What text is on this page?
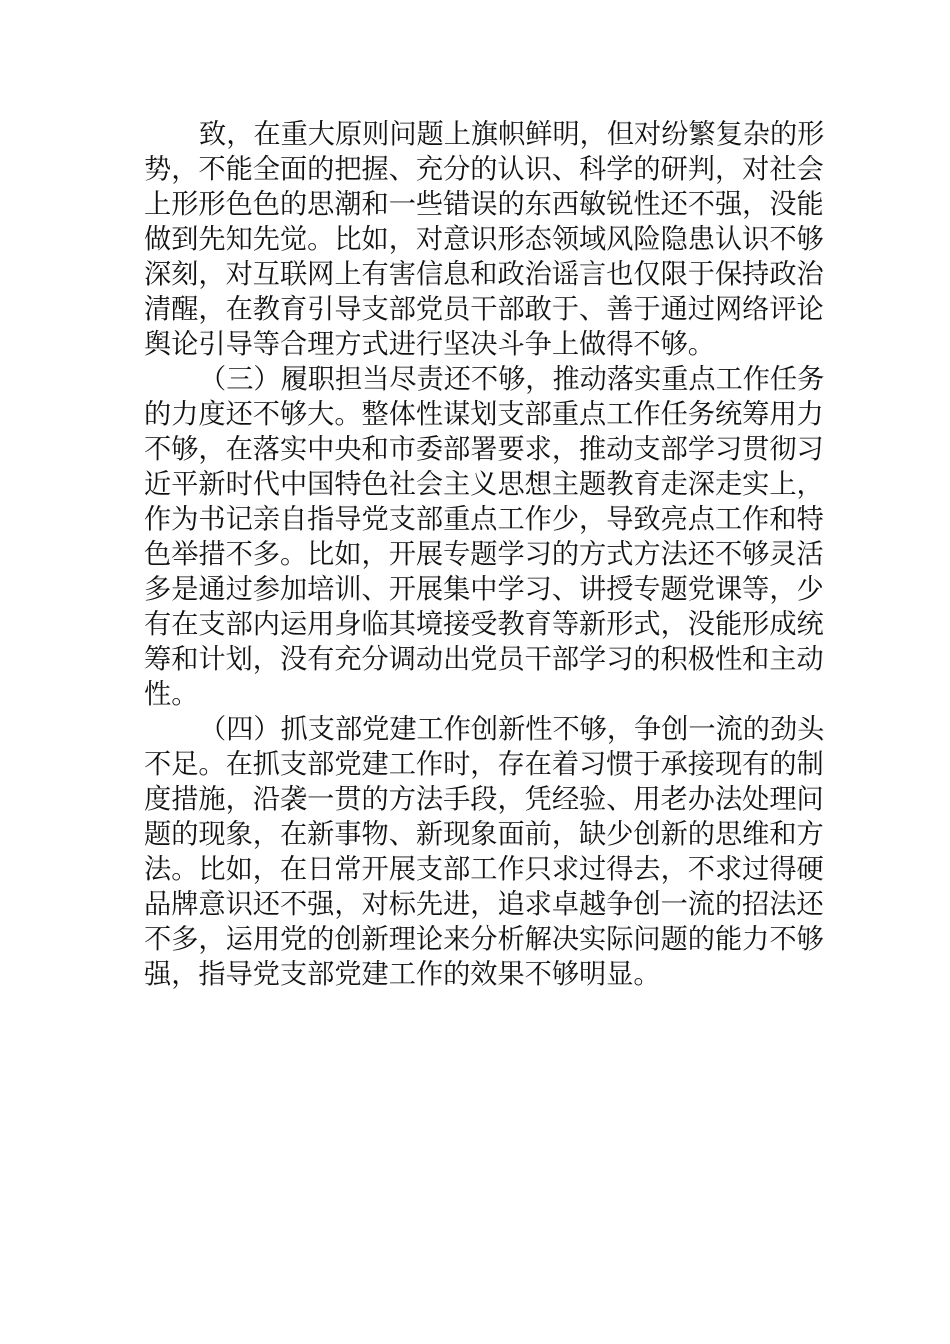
致，在重大原则问题上旗帜鲜明，但对纷繁复杂的形
势，不能全面的把握、充分的认识、科学的研判，对社会
上形形色色的思潮和一些错误的东西敏锐性还不强，没能
做到先知先觉。比如，对意识形态领域风险隐患认识不够
深刻，对互联网上有害信息和政治谣言也仅限于保持政治
清醒，在教育引导支部党员干部敢于、善于通过网络评论
舆论引导等合理方式进行坚决斗争上做得不够。
（三）履职担当尽责还不够，推动落实重点工作任务
的力度还不够大。整体性谋划支部重点工作任务统筹用力
不够，在落实中央和市委部署要求，推动支部学习贯彻习
近平新时代中国特色社会主义思想主题教育走深走实上，
作为书记亲自指导党支部重点工作少，导致亮点工作和特
色举措不多。比如，开展专题学习的方式方法还不够灵活
多是通过参加培训、开展集中学习、讲授专题党课等，少
有在支部内运用身临其境接受教育等新形式，没能形成统
筹和计划，没有充分调动出党员干部学习的积极性和主动
性。
（四）抓支部党建工作创新性不够，争创一流的劲头
不足。在抓支部党建工作时，存在着习惯于承接现有的制
度措施，沿袭一贯的方法手段，凭经验、用老办法处理问
题的现象，在新事物、新现象面前，缺少创新的思维和方
法。比如，在日常开展支部工作只求过得去，不求过得硬
品牌意识还不强，对标先进，追求卓越争创一流的招法还
不多，运用党的创新理论来分析解决实际问题的能力不够
强，指导党支部党建工作的效果不够明显。
